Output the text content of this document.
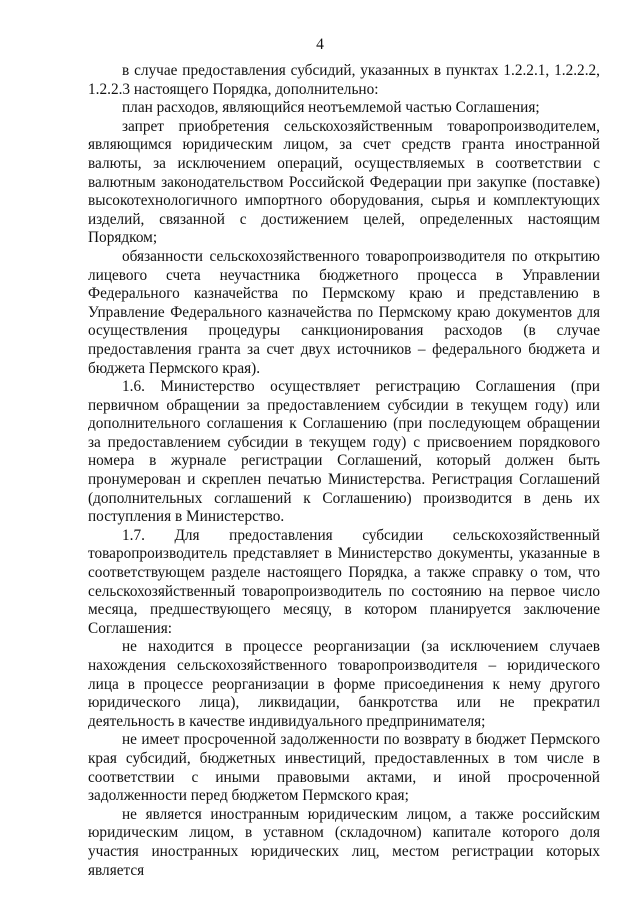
4

в случае предоставления субсидий, указанных в пунктах 1.2.2.1, 1.2.2.2, 1.2.2.3 настоящего Порядка, дополнительно:

план расходов, являющийся неотъемлемой частью Соглашения;

запрет приобретения сельскохозяйственным товаропроизводителем, являющимся юридическим лицом, за счет средств гранта иностранной валюты, за исключением операций, осуществляемых в соответствии с валютным законодательством Российской Федерации при закупке (поставке) высокотехнологичного импортного оборудования, сырья и комплектующих изделий, связанной с достижением целей, определенных настоящим Порядком;

обязанности сельскохозяйственного товаропроизводителя по открытию лицевого счета неучастника бюджетного процесса в Управлении Федерального казначейства по Пермскому краю и представлению в Управление Федерального казначейства по Пермскому краю документов для осуществления процедуры санкционирования расходов (в случае предоставления гранта за счет двух источников – федерального бюджета и бюджета Пермского края).

1.6. Министерство осуществляет регистрацию Соглашения (при первичном обращении за предоставлением субсидии в текущем году) или дополнительного соглашения к Соглашению (при последующем обращении за предоставлением субсидии в текущем году) с присвоением порядкового номера в журнале регистрации Соглашений, который должен быть пронумерован и скреплен печатью Министерства. Регистрация Соглашений (дополнительных соглашений к Соглашению) производится в день их поступления в Министерство.

1.7. Для предоставления субсидии сельскохозяйственный товаропроизводитель представляет в Министерство документы, указанные в соответствующем разделе настоящего Порядка, а также справку о том, что сельскохозяйственный товаропроизводитель по состоянию на первое число месяца, предшествующего месяцу, в котором планируется заключение Соглашения:

не находится в процессе реорганизации (за исключением случаев нахождения сельскохозяйственного товаропроизводителя – юридического лица в процессе реорганизации в форме присоединения к нему другого юридического лица), ликвидации, банкротства или не прекратил деятельность в качестве индивидуального предпринимателя;

не имеет просроченной задолженности по возврату в бюджет Пермского края субсидий, бюджетных инвестиций, предоставленных в том числе в соответствии с иными правовыми актами, и иной просроченной задолженности перед бюджетом Пермского края;

не является иностранным юридическим лицом, а также российским юридическим лицом, в уставном (складочном) капитале которого доля участия иностранных юридических лиц, местом регистрации которых является
